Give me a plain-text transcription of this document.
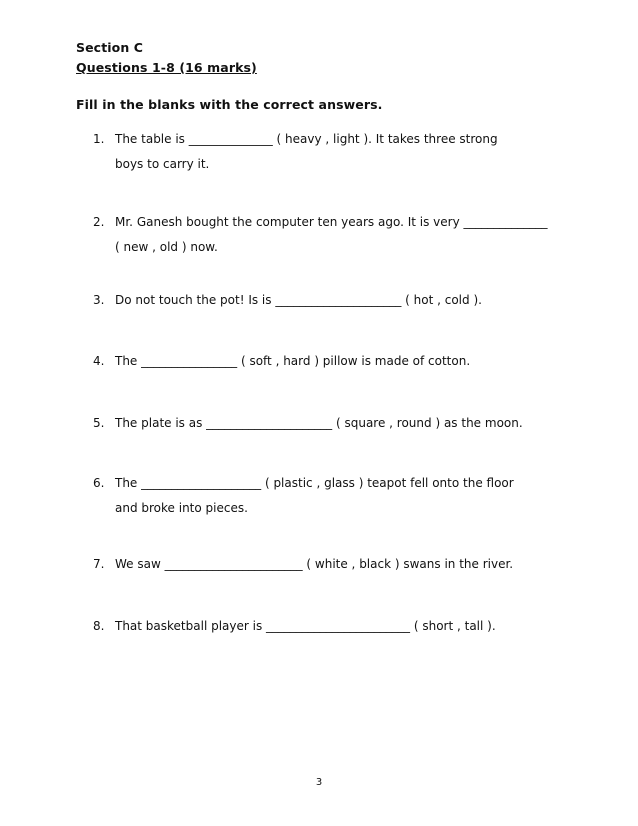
Section C
Questions 1-8 (16 marks)
Fill in the blanks with the correct answers.
1. The table is ______________ ( heavy , light ). It takes three strong
boys to carry it.
2. Mr. Ganesh bought the computer ten years ago. It is very ______________
( new , old ) now.
3. Do not touch the pot! Is is _____________________ ( hot , cold ).
4. The ________________ ( soft , hard ) pillow is made of cotton.
5. The plate is as _____________________ ( square , round ) as the moon.
6. The ____________________ ( plastic , glass ) teapot fell onto the floor
and broke into pieces.
7. We saw _______________________ ( white , black ) swans in the river.
8. That basketball player is ________________________ ( short , tall ).
3
